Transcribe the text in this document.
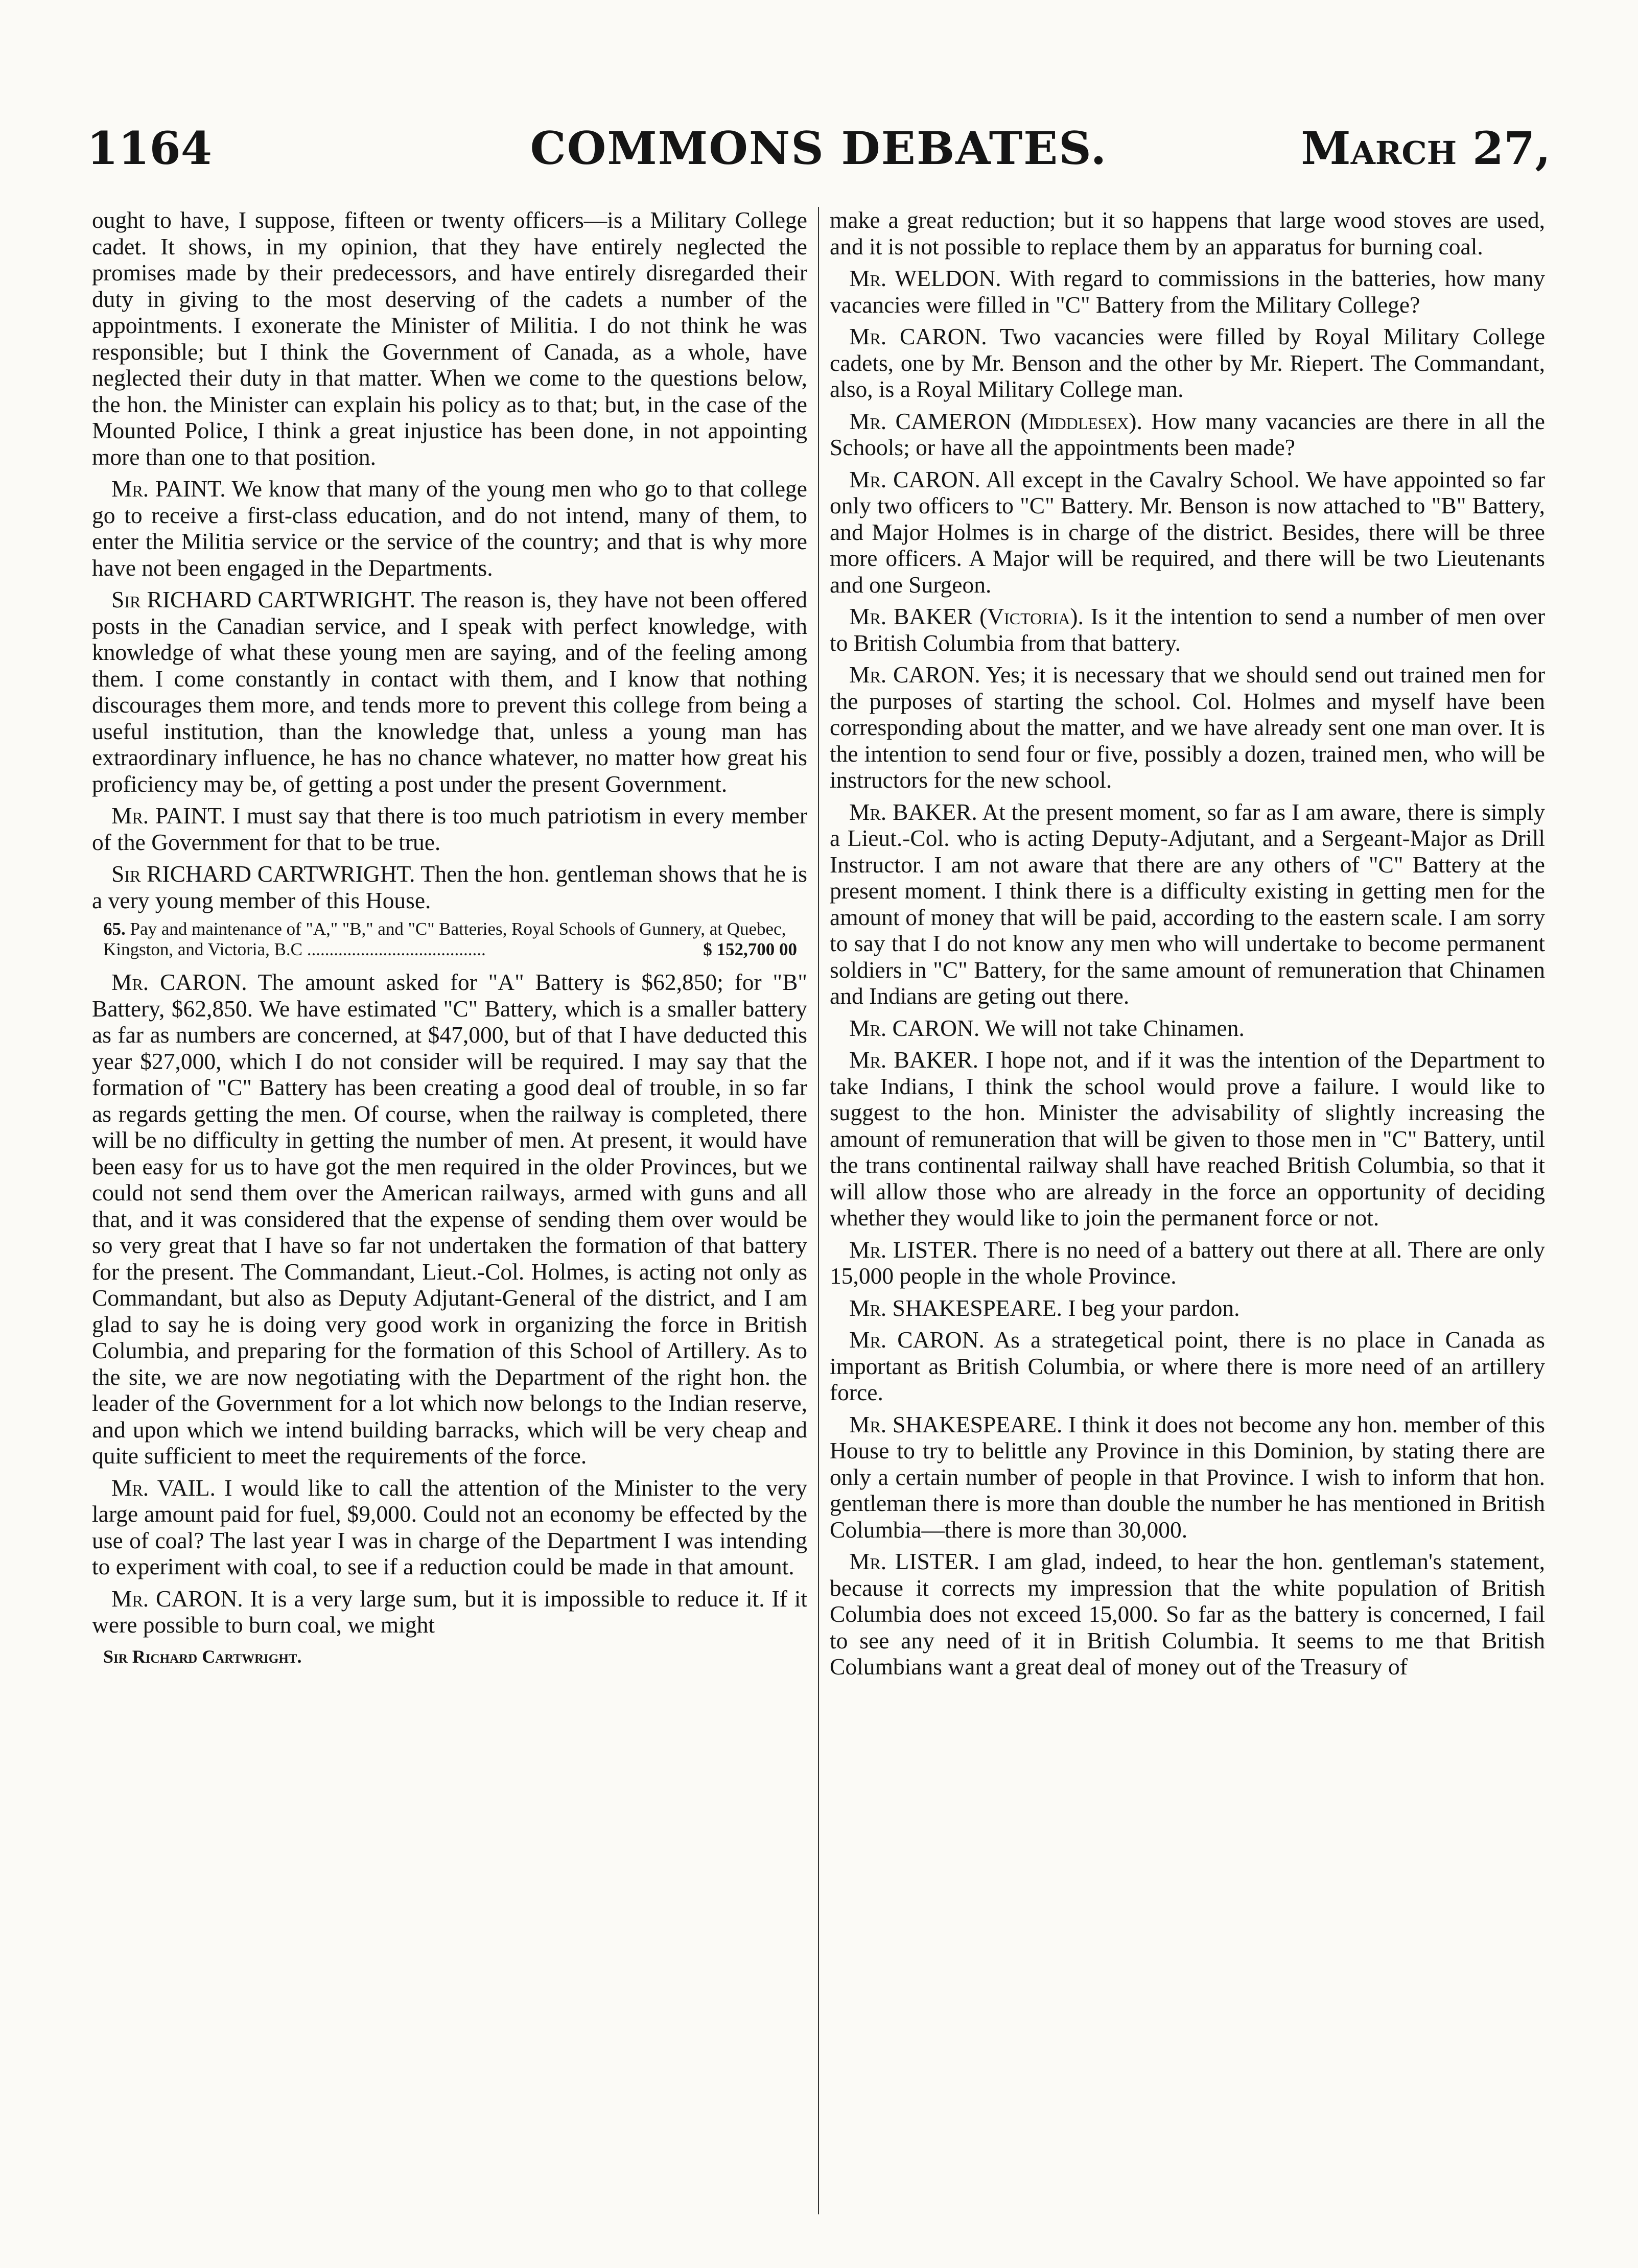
1164	COMMONS DEBATES.	March 27,

ought to have, I suppose, fifteen or twenty officers—is a Military College cadet. It shows, in my opinion, that they have entirely neglected the promises made by their predecessors, and have entirely disregarded their duty in giving to the most deserving of the cadets a number of the appointments. I exonerate the Minister of Militia. I do not think he was responsible; but I think the Government of Canada, as a whole, have neglected their duty in that matter. When we come to the questions below, the hon. the Minister can explain his policy as to that; but, in the case of the Mounted Police, I think a great injustice has been done, in not appointing more than one to that position.

Mr. PAINT. We know that many of the young men who go to that college go to receive a first-class education, and do not intend, many of them, to enter the Militia service or the service of the country; and that is why more have not been engaged in the Departments.

Sir RICHARD CARTWRIGHT. The reason is, they have not been offered posts in the Canadian service, and I speak with perfect knowledge, with knowledge of what these young men are saying, and of the feeling among them. I come constantly in contact with them, and I know that nothing discourages them more, and tends more to prevent this college from being a useful institution, than the knowledge that, unless a young man has extraordinary influence, he has no chance whatever, no matter how great his proficiency may be, of getting a post under the present Government.

Mr. PAINT. I must say that there is too much patriotism in every member of the Government for that to be true.

Sir RICHARD CARTWRIGHT. Then the hon. gentleman shows that he is a very young member of this House.

65. Pay and maintenance of "A," "B," and "C" Batteries, Royal Schools of Gunnery, at Quebec, Kingston, and Victoria, B.C ........................................	$ 152,700 00

Mr. CARON. The amount asked for "A" Battery is $62,850; for "B" Battery, $62,850. We have estimated "C" Battery, which is a smaller battery as far as numbers are concerned, at $47,000, but of that I have deducted this year $27,000, which I do not consider will be required. I may say that the formation of "C" Battery has been creating a good deal of trouble, in so far as regards getting the men. Of course, when the railway is completed, there will be no difficulty in getting the number of men. At present, it would have been easy for us to have got the men required in the older Provinces, but we could not send them over the American railways, armed with guns and all that, and it was considered that the expense of sending them over would be so very great that I have so far not undertaken the formation of that battery for the present. The Commandant, Lieut.-Col. Holmes, is acting not only as Commandant, but also as Deputy Adjutant-General of the district, and I am glad to say he is doing very good work in organizing the force in British Columbia, and preparing for the formation of this School of Artillery. As to the site, we are now negotiating with the Department of the right hon. the leader of the Government for a lot which now belongs to the Indian reserve, and upon which we intend building barracks, which will be very cheap and quite sufficient to meet the requirements of the force.

Mr. VAIL. I would like to call the attention of the Minister to the very large amount paid for fuel, $9,000. Could not an economy be effected by the use of coal? The last year I was in charge of the Department I was intending to experiment with coal, to see if a reduction could be made in that amount.

Mr. CARON. It is a very large sum, but it is impossible to reduce it. If it were possible to burn coal, we might

Sir Richard Cartwright.

make a great reduction; but it so happens that large wood stoves are used, and it is not possible to replace them by an apparatus for burning coal.

Mr. WELDON. With regard to commissions in the batteries, how many vacancies were filled in "C" Battery from the Military College?

Mr. CARON. Two vacancies were filled by Royal Military College cadets, one by Mr. Benson and the other by Mr. Riepert. The Commandant, also, is a Royal Military College man.

Mr. CAMERON (Middlesex). How many vacancies are there in all the Schools; or have all the appointments been made?

Mr. CARON. All except in the Cavalry School. We have appointed so far only two officers to "C" Battery. Mr. Benson is now attached to "B" Battery, and Major Holmes is in charge of the district. Besides, there will be three more officers. A Major will be required, and there will be two Lieutenants and one Surgeon.

Mr. BAKER (Victoria). Is it the intention to send a number of men over to British Columbia from that battery.

Mr. CARON. Yes; it is necessary that we should send out trained men for the purposes of starting the school. Col. Holmes and myself have been corresponding about the matter, and we have already sent one man over. It is the intention to send four or five, possibly a dozen, trained men, who will be instructors for the new school.

Mr. BAKER. At the present moment, so far as I am aware, there is simply a Lieut.-Col. who is acting Deputy-Adjutant, and a Sergeant-Major as Drill Instructor. I am not aware that there are any others of "C" Battery at the present moment. I think there is a difficulty existing in getting men for the amount of money that will be paid, according to the eastern scale. I am sorry to say that I do not know any men who will undertake to become permanent soldiers in "C" Battery, for the same amount of remuneration that Chinamen and Indians are geting out there.

Mr. CARON. We will not take Chinamen.

Mr. BAKER. I hope not, and if it was the intention of the Department to take Indians, I think the school would prove a failure. I would like to suggest to the hon. Minister the advisability of slightly increasing the amount of remuneration that will be given to those men in "C" Battery, until the trans continental railway shall have reached British Columbia, so that it will allow those who are already in the force an opportunity of deciding whether they would like to join the permanent force or not.

Mr. LISTER. There is no need of a battery out there at all. There are only 15,000 people in the whole Province.

Mr. SHAKESPEARE. I beg your pardon.

Mr. CARON. As a strategetical point, there is no place in Canada as important as British Columbia, or where there is more need of an artillery force.

Mr. SHAKESPEARE. I think it does not become any hon. member of this House to try to belittle any Province in this Dominion, by stating there are only a certain number of people in that Province. I wish to inform that hon. gentleman there is more than double the number he has mentioned in British Columbia—there is more than 30,000.

Mr. LISTER. I am glad, indeed, to hear the hon. gentleman's statement, because it corrects my impression that the white population of British Columbia does not exceed 15,000. So far as the battery is concerned, I fail to see any need of it in British Columbia. It seems to me that British Columbians want a great deal of money out of the Treasury of
